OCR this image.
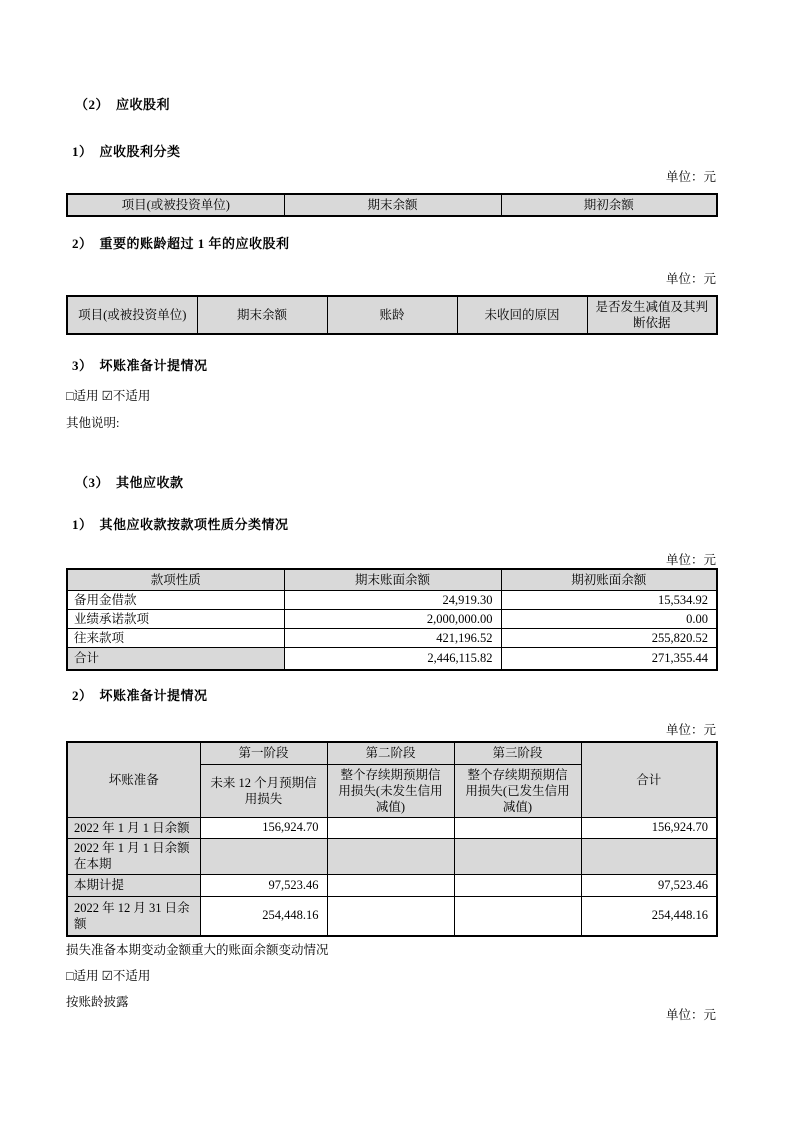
（2）　应收股利
1）　应收股利分类
单位：元
项目(或被投资单位)	期末余额	期初余额
2）　重要的账龄超过 1 年的应收股利
单位：元
项目(或被投资单位)	期末余额	账龄	未收回的原因	是否发生减值及其判断依据
3）　坏账准备计提情况
□适用 ☑不适用
其他说明:
（3）　其他应收款
1）　其他应收款按款项性质分类情况
单位：元
款项性质	期末账面余额	期初账面余额
备用金借款	24,919.30	15,534.92
业绩承诺款项	2,000,000.00	0.00
往来款项	421,196.52	255,820.52
合计	2,446,115.82	271,355.44
2）　坏账准备计提情况
单位：元
坏账准备	第一阶段	第二阶段	第三阶段	合计
	未来 12 个月预期信用损失	整个存续期预期信用损失(未发生信用减值)	整个存续期预期信用损失(已发生信用减值)	
2022 年 1 月 1 日余额	156,924.70			156,924.70
2022 年 1 月 1 日余额在本期				
本期计提	97,523.46			97,523.46
2022 年 12 月 31 日余额	254,448.16			254,448.16
损失准备本期变动金额重大的账面余额变动情况
□适用 ☑不适用
按账龄披露
单位：元
